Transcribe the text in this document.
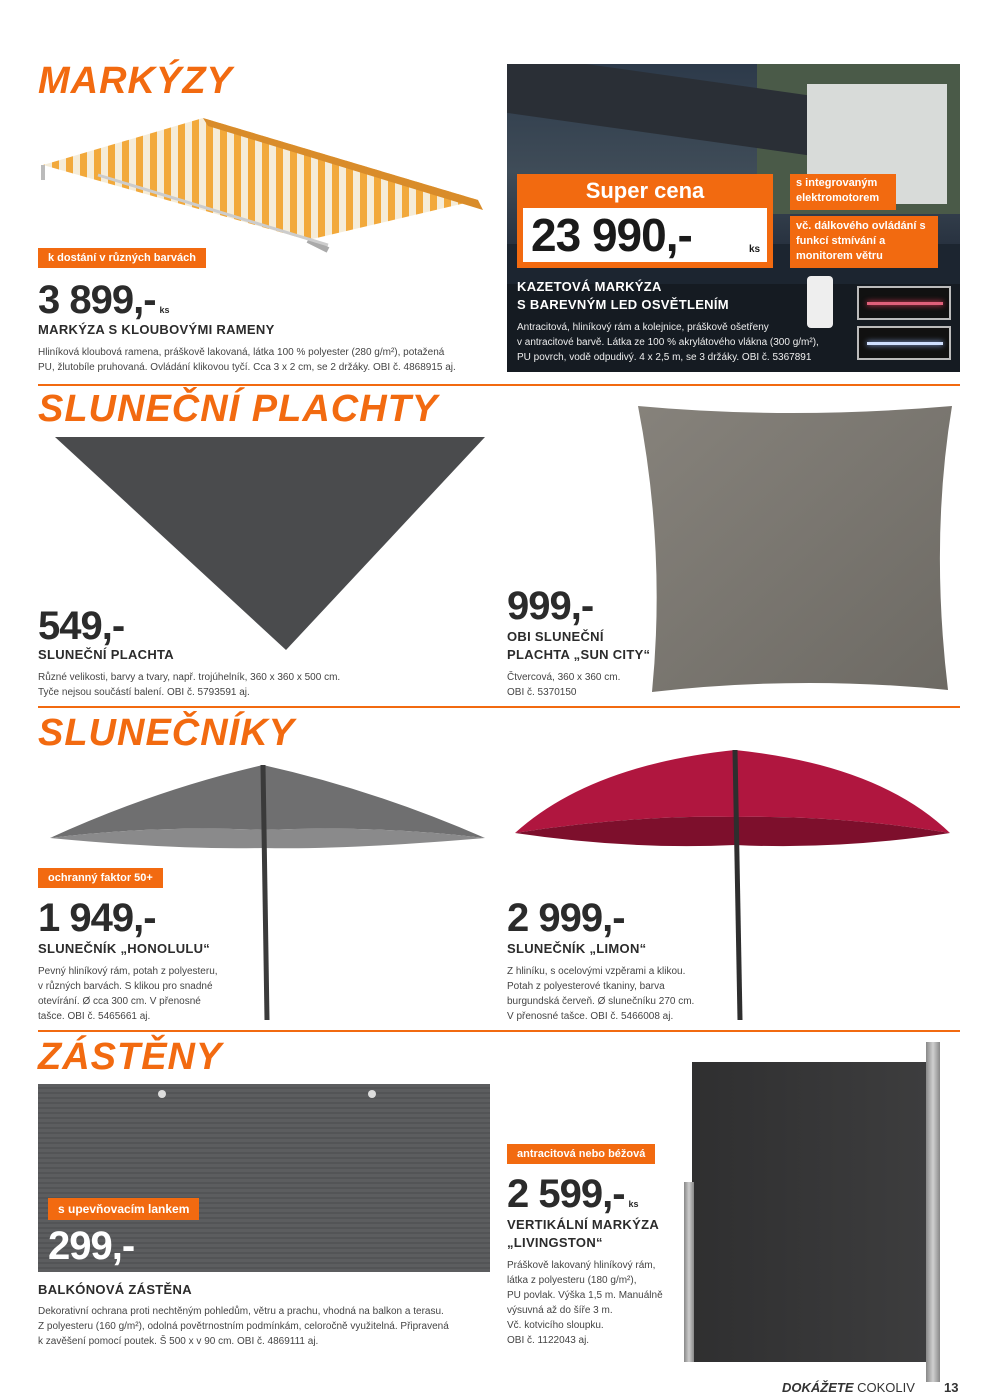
MARKÝZY
k dostání v různých barvách
3 899,- ks
MARKÝZA S KLOUBOVÝMI RAMENY
Hliníková kloubová ramena, práškově lakovaná, látka 100 % polyester (280 g/m²), potažená
PU, žlutobíle pruhovaná. Ovládání klikovou tyčí. Cca 3 x 2 cm, se 2 držáky. OBI č. 4868915 aj.
Super cena
23 990,-	ks
s integrovaným elektromotorem
vč. dálkového ovládání s funkcí stmívání a monitorem větru
KAZETOVÁ MARKÝZA
S BAREVNÝM LED OSVĚTLENÍM
Antracitová, hliníkový rám a kolejnice, práškově ošetřeny
v antracitové barvě. Látka ze 100 % akrylátového vlákna (300 g/m²),
PU povrch, vodě odpudivý. 4 x 2,5 m, se 3 držáky. OBI č. 5367891
SLUNEČNÍ PLACHTY
549,-
SLUNEČNÍ PLACHTA
Různé velikosti, barvy a tvary, např. trojúhelník, 360 x 360 x 500 cm.
Tyče nejsou součástí balení. OBI č. 5793591 aj.
999,-
OBI SLUNEČNÍ
PLACHTA „SUN CITY“
Čtvercová, 360 x 360 cm.
OBI č. 5370150
SLUNEČNÍKY
ochranný faktor 50+
1 949,-
SLUNEČNÍK „HONOLULU“
Pevný hliníkový rám, potah z polyesteru,
v různých barvách. S klikou pro snadné
otevírání. Ø cca 300 cm. V přenosné
tašce. OBI č. 5465661 aj.
2 999,-
SLUNEČNÍK „LIMON“
Z hliníku, s ocelovými vzpěrami a klikou.
Potah z polyesterové tkaniny, barva
burgundská červeň. Ø slunečníku 270 cm.
V přenosné tašce. OBI č. 5466008 aj.
ZÁSTĚNY
s upevňovacím lankem
299,-
BALKÓNOVÁ ZÁSTĚNA
Dekorativní ochrana proti nechtěným pohledům, větru a prachu, vhodná na balkon a terasu.
Z polyesteru (160 g/m²), odolná povětrnostním podmínkám, celoročně využitelná. Připravená
k zavěšení pomocí poutek. Š 500 x v 90 cm. OBI č. 4869111 aj.
antracitová nebo béžová
2 599,- ks
VERTIKÁLNÍ MARKÝZA
„LIVINGSTON“
Práškově lakovaný hliníkový rám,
látka z polyesteru (180 g/m²),
PU povlak. Výška 1,5 m. Manuálně
výsuvná až do šíře 3 m.
Vč. kotvicího sloupku.
OBI č. 1122043 aj.
DOKÁŽETE COKOLIV 13
